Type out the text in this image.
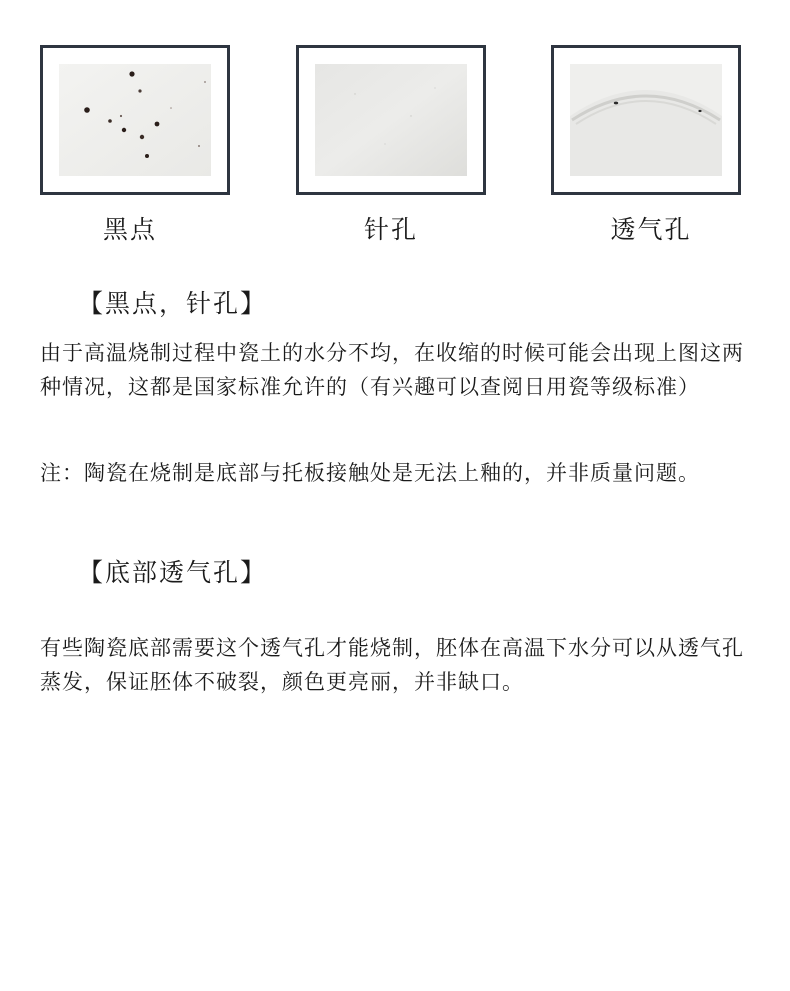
黑点	针孔	透气孔
【黑点，针孔】
由于高温烧制过程中瓷土的水分不均，在收缩的时候可能会出现上图这两种情况，这都是国家标准允许的（有兴趣可以查阅日用瓷等级标准）
注：陶瓷在烧制是底部与托板接触处是无法上釉的，并非质量问题。
【底部透气孔】
有些陶瓷底部需要这个透气孔才能烧制，胚体在高温下水分可以从透气孔蒸发，保证胚体不破裂，颜色更亮丽，并非缺口。
